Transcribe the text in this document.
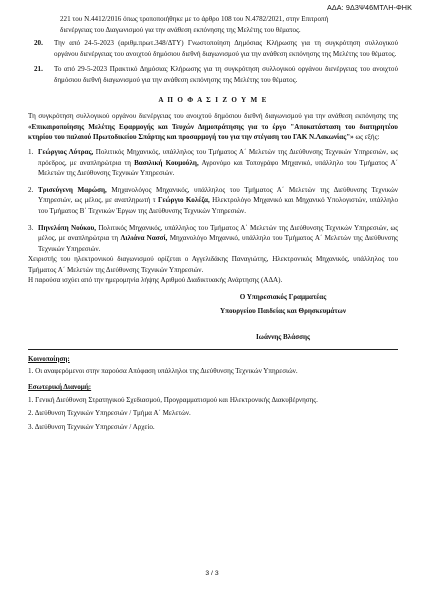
ΑΔΑ: 9Δ3Ψ46ΜΤΛΗ-ΦΗΚ

221 του Ν.4412/2016 όπως τροποποιήθηκε με το άρθρο 108 του Ν.4782/2021, στην Επιτροπή

διενέργειας του Διαγωνισμού για την ανάθεση εκπόνησης της Μελέτης του θέματος.

20.	Την από 24-5-2023 (αριθμ.πρωτ.348/ΔΤΥ) Γνωστοποίηση Δημόσιας Κλήρωσης για τη συγκρότηση συλλογικού οργάνου διενέργειας του ανοιχτού δημόσιου διεθνή διαγωνισμού για την ανάθεση εκπόνησης της Μελέτης του θέματος.
21.	Το από 29-5-2023 Πρακτικό Δημόσιας Κλήρωσης για τη συγκρότηση συλλογικού οργάνου διενέργειας του ανοιχτού δημόσιου διεθνή διαγωνισμού για την ανάθεση εκπόνησης της Μελέτης του θέματος.
Α Π Ο Φ Α Σ Ι Ζ Ο Υ Μ Ε

Τη συγκρότηση συλλογικού οργάνου διενέργειας του ανοιχτού δημόσιου διεθνή διαγωνισμού για την ανάθεση εκπόνησης της «Επικαιροποίησης Μελέτης Εφαρμογής και Τευχών Δημοπράτησης για το έργο "Αποκατάσταση του διατηρητέου κτηρίου του παλαιού Πρωτοδικείου Σπάρτης και προσαρμογή του για την στέγαση του ΓΑΚ Ν.Λακωνίας"» ως εξής:

1. Γεώργιος Λύτρας, Πολιτικός Μηχανικός, υπάλληλος του Τμήματος Α΄ Μελετών της Διεύθυνσης Τεχνικών Υπηρεσιών, ως πρόεδρος, με αναπληρώτρια τη Βασιλική Κουμούλη, Αγρονόμο και Τοπογράφο Μηχανικό, υπάλληλο του Τμήματος Α΄ Μελετών της Διεύθυνσης Τεχνικών Υπηρεσιών.
2. Τρισεύγενη Μαρώση, Μηχανολόγος Μηχανικός, υπάλληλος του Τμήματος Α΄ Μελετών της Διεύθυνσης Τεχνικών Υπηρεσιών, ως μέλος, με αναπληρωτή τ Γεώργιο Κολέζα, Ηλεκτρολόγο Μηχανικό και Μηχανικό Υπολογιστών, υπάλληλο του Τμήματος Β΄ Τεχνικών Έργων της Διεύθυνσης Τεχνικών Υπηρεσιών.
3. Πηνελόπη Νούκου, Πολιτικός Μηχανικός, υπάλληλος του Τμήματος Α΄ Μελετών της Διεύθυνσης Τεχνικών Υπηρεσιών, ως μέλος, με αναπληρώτρια τη Λιλιάνα Νασσί, Μηχανολόγο Μηχανικό, υπάλληλο του Τμήματος Α΄ Μελετών της Διεύθυνσης Τεχνικών Υπηρεσιών.

Χειριστής του ηλεκτρονικού διαγωνισμού ορίζεται ο Αγγελιδάκης Παναγιώτης, Ηλεκτρονικός Μηχανικός, υπάλληλος του Τμήματος Α΄ Μελετών της Διεύθυνσης Τεχνικών Υπηρεσιών.

Η παρούσα ισχύει από την ημερομηνία λήψης Αριθμού Διαδικτυακής Ανάρτησης (ΑΔΑ).

Ο Υπηρεσιακός Γραμματέας
Υπουργείου Παιδείας και Θρησκευμάτων
Ιωάννης Βλάσσης
Κοινοποίηση:

1. Οι αναφερόμενοι στην παρούσα Απόφαση υπάλληλοι της Διεύθυνσης Τεχνικών Υπηρεσιών.

Εσωτερική Διανομή:

1. Γενική Διεύθυνση Στρατηγικού Σχεδιασμού, Προγραμματισμού και Ηλεκτρονικής Διακυβέρνησης.

2. Διεύθυνση Τεχνικών Υπηρεσιών / Τμήμα Α΄ Μελετών.

3. Διεύθυνση Τεχνικών Υπηρεσιών / Αρχείο.

3 / 3
